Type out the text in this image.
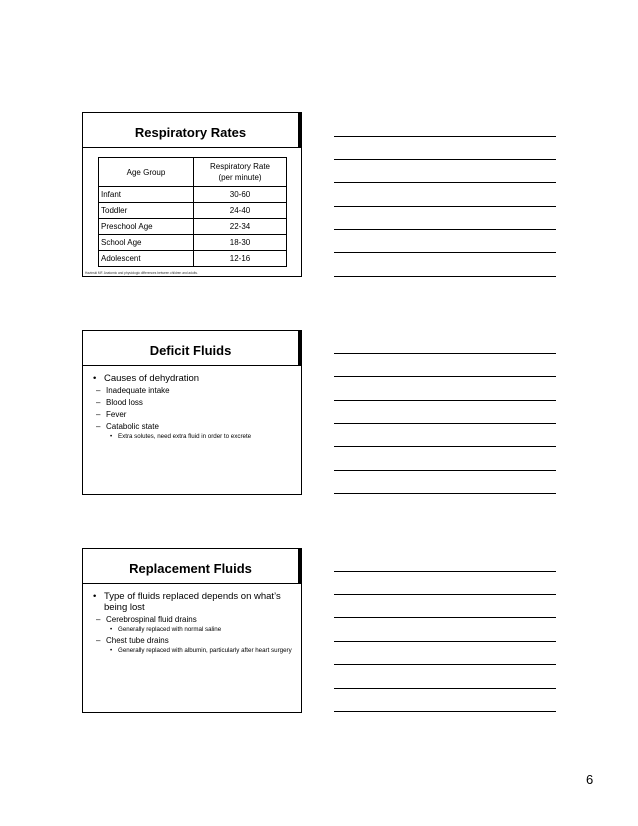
Respiratory Rates
Age Group	Respiratory Rate
(per minute)

Infant	30-60
Toddler	24-40
Preschool Age	22-34
School Age	18-30
Adolescent	12-16
Hazinski MF. Anatomic and physiologic differences between children and adults.
Deficit Fluids
• Causes of dehydration
– Inadequate intake
– Blood loss
– Fever
– Catabolic state
• Extra solutes, need extra fluid in order to excrete
Replacement Fluids
• Type of fluids replaced depends on what’s being lost
– Cerebrospinal fluid drains
• Generally replaced with normal saline
– Chest tube drains
• Generally replaced with albumin, particularly after heart surgery
6
